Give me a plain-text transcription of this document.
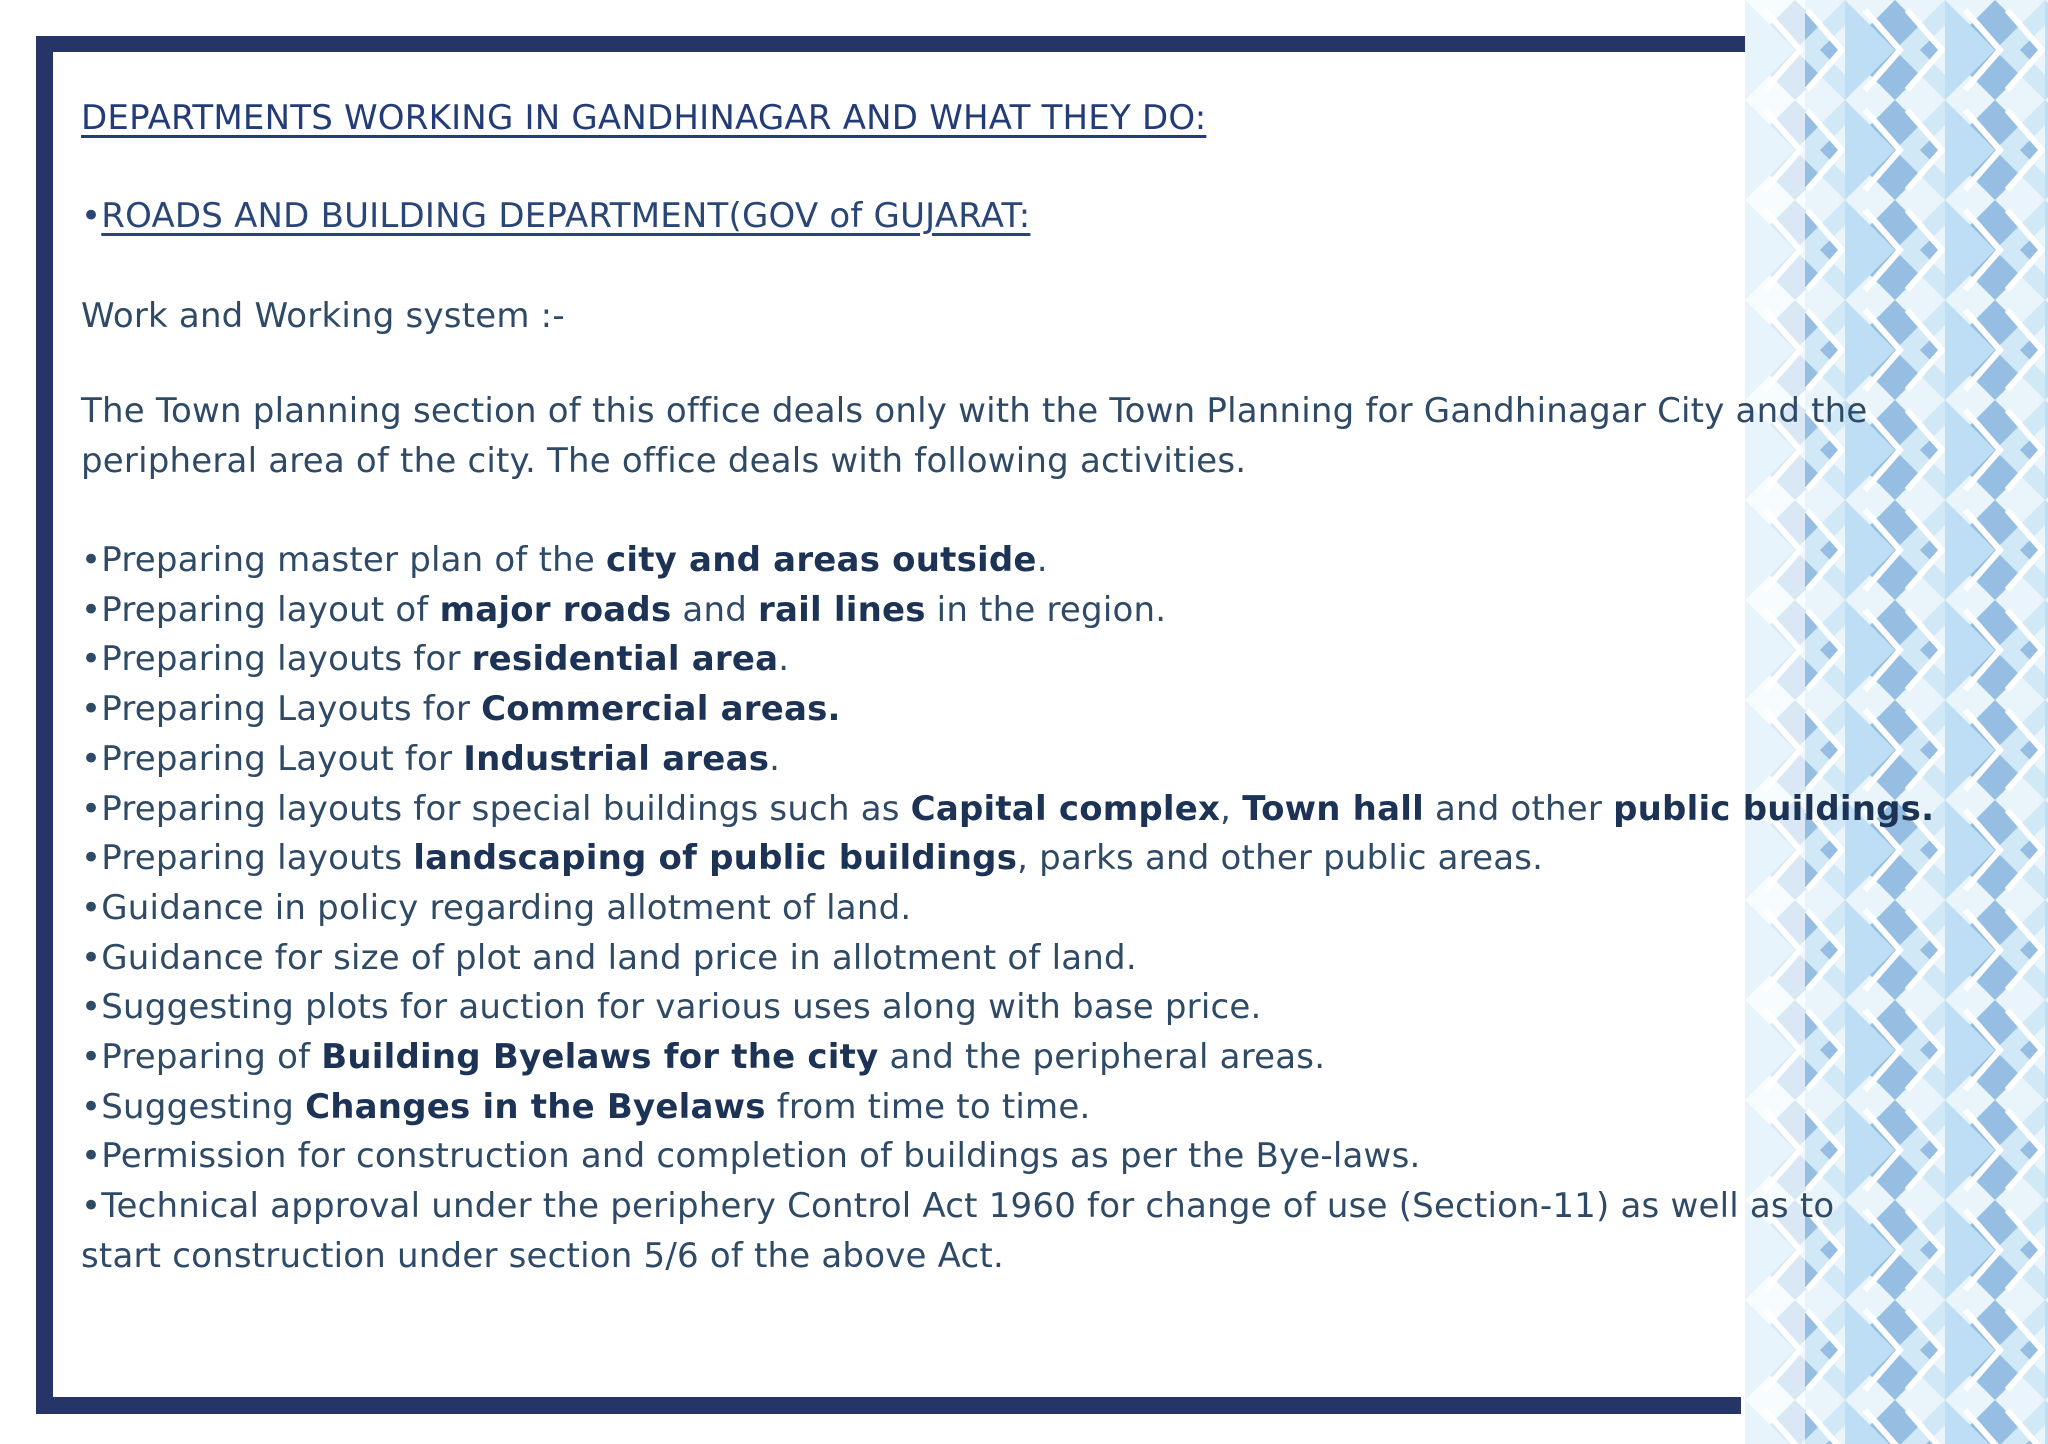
DEPARTMENTS WORKING IN GANDHINAGAR AND WHAT THEY DO:
•ROADS AND BUILDING DEPARTMENT(GOV of GUJARAT:
Work and Working system :-
The Town planning section of this office deals only with the Town Planning for Gandhinagar City and the peripheral area of the city. The office deals with following activities.
•Preparing master plan of the city and areas outside.
•Preparing layout of major roads and rail lines in the region.
•Preparing layouts for residential area.
•Preparing Layouts for Commercial areas.
•Preparing Layout for Industrial areas.
•Preparing layouts for special buildings such as Capital complex, Town hall and other public buildings.
•Preparing layouts landscaping of public buildings, parks and other public areas.
•Guidance in policy regarding allotment of land.
•Guidance for size of plot and land price in allotment of land.
•Suggesting plots for auction for various uses along with base price.
•Preparing of Building Byelaws for the city and the peripheral areas.
•Suggesting Changes in the Byelaws from time to time.
•Permission for construction and completion of buildings as per the Bye-laws.
•Technical approval under the periphery Control Act 1960 for change of use (Section-11) as well as to start construction under section 5/6 of the above Act.
